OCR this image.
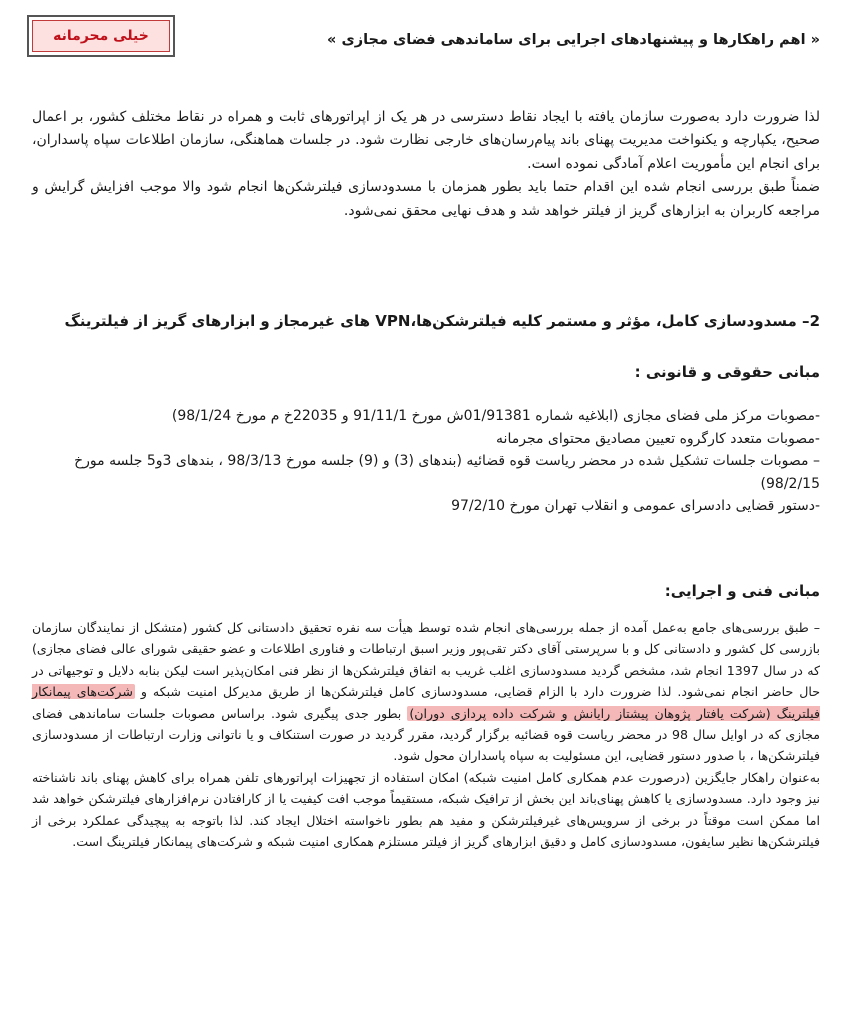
« اهم راهکارها و پیشنهادهای اجرایی برای ساماندهی فضای مجازی »
خیلی محرمانه

لذا ضرورت دارد به‌صورت سازمان یافته با ایجاد نقاط دسترسی در هر یک از اپراتورهای ثابت و همراه در نقاط مختلف کشور، بر اعمال صحیح، یکپارچه و یکنواخت مدیریت پهنای باند پیام‌رسان‌های خارجی نظارت شود. در جلسات هماهنگی، سازمان اطلاعات سپاه پاسداران، برای انجام این مأموریت اعلام آمادگی نموده است.

ضمناً طبق بررسی انجام شده این اقدام حتما باید بطور همزمان با مسدودسازی فیلترشکن‌ها انجام شود والا موجب افزایش گرایش و مراجعه کاربران به ابزارهای گریز از فیلتر خواهد شد و هدف نهایی محقق نمی‌شود.

2– مسدودسازی کامل، مؤثر و مستمر کلیه فیلترشکن‌ها،VPN های غیرمجاز و ابزارهای گریز از فیلترینگ
مبانی حقوقی و قانونی :
-مصوبات مرکز ملی فضای مجازی (ابلاغیه شماره 01/91381ش مورخ 91/11/1 و 22035خ م مورخ 98/1/24)
-مصوبات متعدد کارگروه تعیین مصادیق محتوای مجرمانه
– مصوبات جلسات تشکیل شده در محضر ریاست قوه قضائیه (بندهای (3) و (9) جلسه مورخ 98/3/13 ، بندهای 3و5 جلسه مورخ 98/2/15)
-دستور قضایی دادسرای عمومی و انقلاب تهران مورخ 97/2/10
مبانی فنی و اجرایی:

– طبق بررسی‌های جامع به‌عمل آمده از جمله بررسی‌های انجام شده توسط هیأت سه نفره تحقیق دادستانی کل کشور (متشکل از نمایندگان سازمان بازرسی کل کشور و دادستانی کل و با سرپرستی آقای دکتر تقی‌پور وزیر اسبق ارتباطات و فناوری اطلاعات و عضو حقیقی شورای عالی فضای مجازی) که در سال 1397 انجام شد، مشخص گردید مسدودسازی اغلب غریب به اتفاق فیلترشکن‌ها از نظر فنی امکان‌پذیر است لیکن بنابه دلایل و توجیهاتی در حال حاضر انجام نمی‌شود. لذا ضرورت دارد با الزام قضایی، مسدودسازی کامل فیلترشکن‌ها از طریق مدیرکل امنیت شبکه و شرکت‌های پیمانکار فیلترینگ (شرکت یافتار پژوهان پیشتاز رایانش و شرکت داده پردازی دوران) بطور جدی پیگیری شود. براساس مصوبات جلسات ساماندهی فضای مجازی که در اوایل سال 98 در محضر ریاست قوه قضائیه برگزار گردید، مقرر گردید در صورت استنکاف و یا ناتوانی وزارت ارتباطات از مسدودسازی فیلترشکن‌ها ، با صدور دستور قضایی، این مسئولیت به سپاه پاسداران محول شود.

به‌عنوان راهکار جایگزین (درصورت عدم همکاری کامل امنیت شبکه) امکان استفاده از تجهیزات اپراتورهای تلفن همراه برای کاهش پهنای باند ناشناخته نیز وجود دارد. مسدودسازی یا کاهش پهنای‌باند این بخش از ترافیک شبکه، مستقیماً موجب افت کیفیت یا از کارافتادن نرم‌افزارهای فیلترشکن خواهد شد اما ممکن است موقتاً در برخی از سرویس‌های غیرفیلترشکن و مفید هم بطور ناخواسته اختلال ایجاد کند. لذا باتوجه به پیچیدگی عملکرد برخی از فیلترشکن‌ها نظیر سایفون، مسدودسازی کامل و دقیق ابزارهای گریز از فیلتر مستلزم همکاری امنیت شبکه و شرکت‌های پیمانکار فیلترینگ است.
